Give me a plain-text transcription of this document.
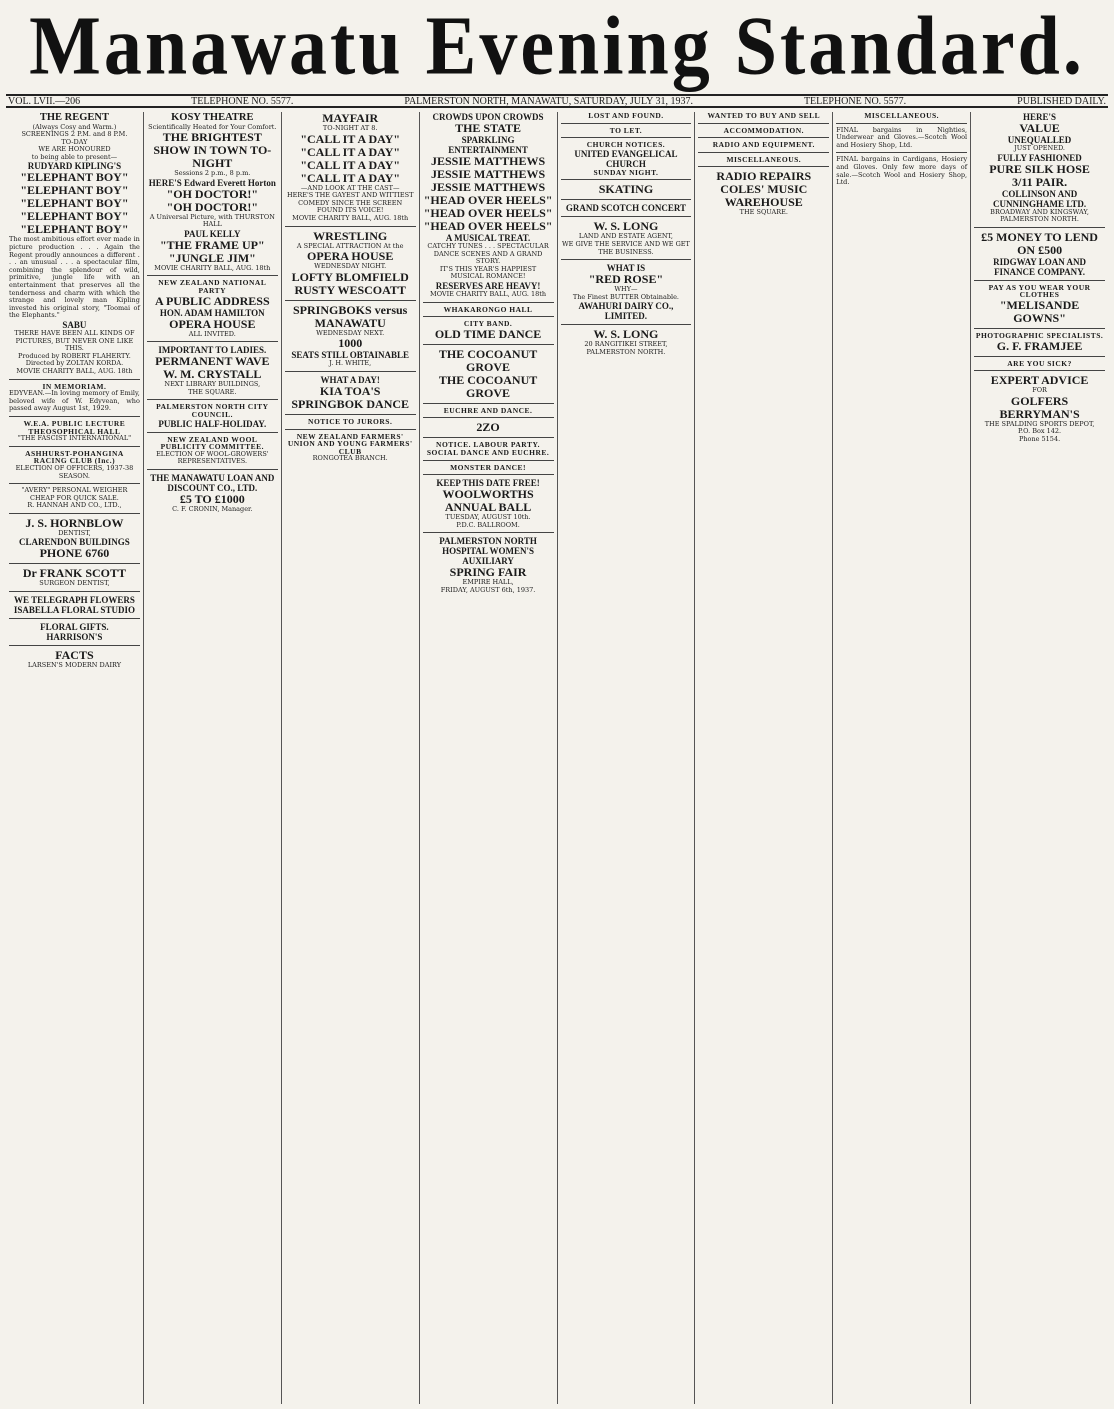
Manawatu Evening Standard.
VOL. LVII.—206	TELEPHONE NO. 5577.	PALMERSTON NORTH, MANAWATU, SATURDAY, JULY 31, 1937.	TELEPHONE NO. 5577.	PUBLISHED DAILY.
THE REGENT
(Always Cosy and Warm.)
SCREENINGS 2 P.M. and 8 P.M.
TO-DAY
WE ARE HONOURED
to being able to present—
RUDYARD KIPLING'S
"ELEPHANT BOY"
"ELEPHANT BOY"
"ELEPHANT BOY"
"ELEPHANT BOY"
"ELEPHANT BOY"
The most ambitious effort ever made in picture production . . . Again the Regent proudly announces a different . . . an unusual . . . a spectacular film, combining the splendour of wild, primitive, jungle life with an entertainment that preserves all the tenderness and charm with which the strange and lovely man Kipling invested his original story, "Toomai of the Elephants."
SABU
THERE HAVE BEEN ALL KINDS OF PICTURES, BUT NEVER ONE LIKE THIS.
Produced by ROBERT FLAHERTY.
Directed by ZOLTAN KORDA.
MOVIE CHARITY BALL, AUG. 18th
IN MEMORIAM.
EDYVEAN.—In loving memory of Emily, beloved wife of W. Edyvean, who passed away August 1st, 1929.
W.E.A. PUBLIC LECTURE
THEOSOPHICAL HALL
"THE FASCIST INTERNATIONAL"
ASHHURST-POHANGINA RACING CLUB (Inc.)
ELECTION OF OFFICERS, 1937-38 SEASON.
"AVERY" PERSONAL WEIGHER CHEAP FOR QUICK SALE.
R. HANNAH AND CO., LTD.,
J. S. HORNBLOW
DENTIST,
CLARENDON BUILDINGS
PHONE 6760
Dr FRANK SCOTT
SURGEON DENTIST,
WE TELEGRAPH FLOWERS
ISABELLA FLORAL STUDIO
FLORAL GIFTS.
HARRISON'S
FACTS
LARSEN'S MODERN DAIRY
KOSY THEATRE
Scientifically Heated for Your Comfort.
THE BRIGHTEST SHOW IN TOWN TO-NIGHT
Sessions 2 p.m., 8 p.m.
HERE'S Edward Everett Horton
"OH DOCTOR!"
"OH DOCTOR!"
A Universal Picture, with THURSTON HALL
PAUL KELLY
"THE FRAME UP"
"JUNGLE JIM"
MOVIE CHARITY BALL, AUG. 18th
NEW ZEALAND NATIONAL PARTY
A PUBLIC ADDRESS
HON. ADAM HAMILTON
OPERA HOUSE
ALL INVITED.
IMPORTANT TO LADIES.
PERMANENT WAVE
W. M. CRYSTALL
NEXT LIBRARY BUILDINGS,
THE SQUARE.
PALMERSTON NORTH CITY COUNCIL.
PUBLIC HALF-HOLIDAY.
NEW ZEALAND WOOL PUBLICITY COMMITTEE.
ELECTION OF WOOL-GROWERS' REPRESENTATIVES.
THE MANAWATU LOAN AND DISCOUNT CO., LTD.
£5 TO £1000
C. F. CRONIN, Manager.
MAYFAIR
TO-NIGHT AT 8.
"CALL IT A DAY"
"CALL IT A DAY"
"CALL IT A DAY"
"CALL IT A DAY"
—AND LOOK AT THE CAST—
HERE'S THE GAYEST AND WITTIEST COMEDY SINCE THE SCREEN FOUND ITS VOICE!
MOVIE CHARITY BALL, AUG. 18th
WRESTLING
A SPECIAL ATTRACTION At the
OPERA HOUSE
WEDNESDAY NIGHT.
LOFTY BLOMFIELD
RUSTY WESCOATT
SPRINGBOKS versus MANAWATU
WEDNESDAY NEXT.
1000
SEATS STILL OBTAINABLE
J. H. WHITE,
WHAT A DAY!
KIA TOA'S SPRINGBOK DANCE
NOTICE TO JURORS.
NEW ZEALAND FARMERS' UNION AND YOUNG FARMERS' CLUB
RONGOTEA BRANCH.
CROWDS UPON CROWDS
THE STATE
SPARKLING ENTERTAINMENT
JESSIE MATTHEWS
JESSIE MATTHEWS
JESSIE MATTHEWS
"HEAD OVER HEELS"
"HEAD OVER HEELS"
"HEAD OVER HEELS"
A MUSICAL TREAT.
CATCHY TUNES . . . SPECTACULAR DANCE SCENES AND A GRAND STORY.
IT'S THIS YEAR'S HAPPIEST MUSICAL ROMANCE!
RESERVES ARE HEAVY!
MOVIE CHARITY BALL, AUG. 18th
WHAKARONGO HALL
CITY BAND.
OLD TIME DANCE
THE COCOANUT GROVE
THE COCOANUT GROVE
EUCHRE AND DANCE.
2ZO
NOTICE. LABOUR PARTY. SOCIAL DANCE AND EUCHRE.
MONSTER DANCE!
KEEP THIS DATE FREE!
WOOLWORTHS ANNUAL BALL
TUESDAY, AUGUST 10th.
P.D.C. BALLROOM.
PALMERSTON NORTH HOSPITAL WOMEN'S AUXILIARY
SPRING FAIR
EMPIRE HALL,
FRIDAY, AUGUST 6th, 1937.
LOST AND FOUND.
TO LET.
CHURCH NOTICES.
UNITED EVANGELICAL CHURCH
SUNDAY NIGHT.
SKATING
GRAND SCOTCH CONCERT
W. S. LONG
LAND AND ESTATE AGENT,
WE GIVE THE SERVICE AND WE GET THE BUSINESS.
WHAT IS
"RED ROSE"
WHY—
The Finest BUTTER Obtainable.
AWAHURI DAIRY CO., LIMITED.
W. S. LONG
20 RANGITIKEI STREET, PALMERSTON NORTH.
WANTED TO BUY AND SELL
ACCOMMODATION.
RADIO AND EQUIPMENT.
MISCELLANEOUS.
RADIO REPAIRS
COLES' MUSIC WAREHOUSE
THE SQUARE.
MISCELLANEOUS.
FINAL bargains in Nighties, Underwear and Gloves.—Scotch Wool and Hosiery Shop, Ltd.
FINAL bargains in Cardigans, Hosiery and Gloves. Only few more days of sale.—Scotch Wool and Hosiery Shop, Ltd.
HERE'S
VALUE
UNEQUALLED
JUST OPENED.
FULLY FASHIONED
PURE SILK HOSE
3/11 PAIR.
COLLINSON AND CUNNINGHAME LTD.
BROADWAY AND KINGSWAY,
PALMERSTON NORTH.
£5 MONEY TO LEND ON £500
RIDGWAY LOAN AND FINANCE COMPANY.
PAY AS YOU WEAR YOUR CLOTHES
"MELISANDE GOWNS"
PHOTOGRAPHIC SPECIALISTS.
G. F. FRAMJEE
ARE YOU SICK?
EXPERT ADVICE
FOR
GOLFERS
BERRYMAN'S
THE SPALDING SPORTS DEPOT,
P.O. Box 142.
Phone 5154.
